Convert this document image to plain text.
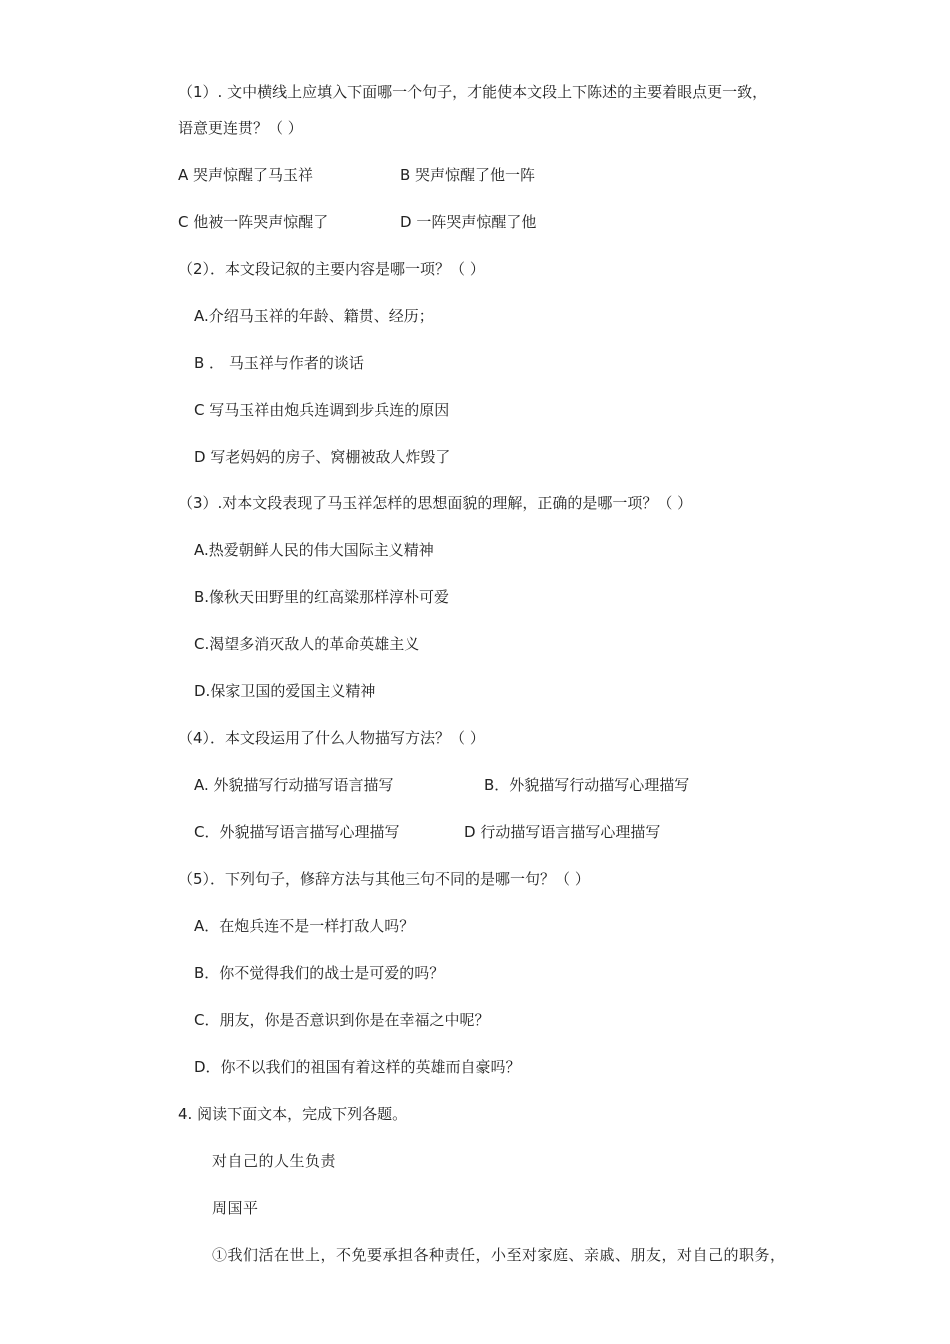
（1）. 文中横线上应填入下面哪一个句子，才能使本文段上下陈述的主要着眼点更一致，
语意更连贯？（ ）
A 哭声惊醒了马玉祥	B 哭声惊醒了他一阵
C 他被一阵哭声惊醒了	D 一阵哭声惊醒了他
（2）．本文段记叙的主要内容是哪一项？（ ）
A.介绍马玉祥的年龄、籍贯、经历；
B ． 马玉祥与作者的谈话
C 写马玉祥由炮兵连调到步兵连的原因
D 写老妈妈的房子、窝棚被敌人炸毁了
（3）.对本文段表现了马玉祥怎样的思想面貌的理解，正确的是哪一项？（ ）
A.热爱朝鲜人民的伟大国际主义精神
B.像秋天田野里的红高粱那样淳朴可爱
C.渴望多消灭敌人的革命英雄主义
D.保家卫国的爱国主义精神
（4）．本文段运用了什么人物描写方法？（ ）
A. 外貌描写行动描写语言描写	B．外貌描写行动描写心理描写
C．外貌描写语言描写心理描写	D 行动描写语言描写心理描写
（5）．下列句子，修辞方法与其他三句不同的是哪一句？（ ）
A．在炮兵连不是一样打敌人吗？
B．你不觉得我们的战士是可爱的吗？
C．朋友，你是否意识到你是在幸福之中呢？
D．你不以我们的祖国有着这样的英雄而自豪吗？
4. 阅读下面文本，完成下列各题。
对自己的人生负责
周国平
①我们活在世上，不免要承担各种责任，小至对家庭、亲戚、朋友，对自己的职务，
